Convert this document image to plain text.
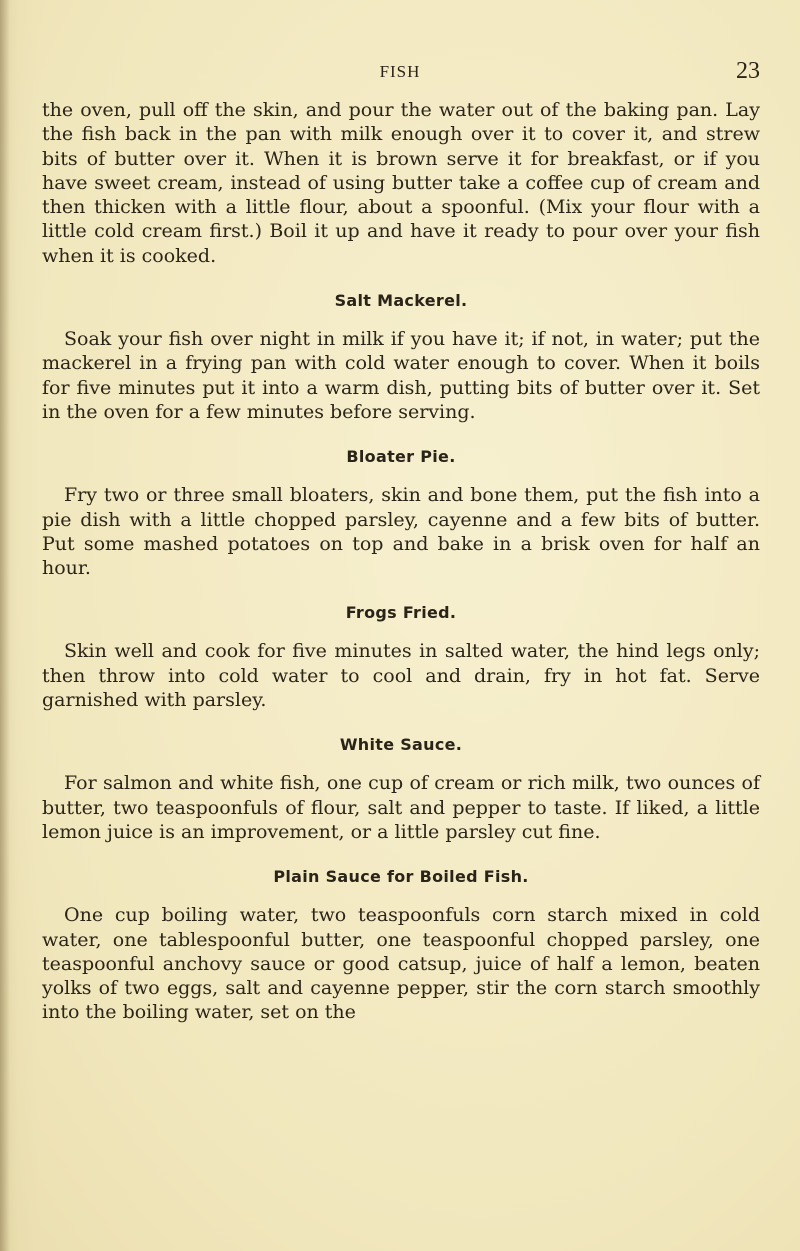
FISH	23

the oven, pull off the skin, and pour the water out of the baking pan. Lay the fish back in the pan with milk enough over it to cover it, and strew bits of butter over it. When it is brown serve it for breakfast, or if you have sweet cream, instead of using butter take a coffee cup of cream and then thicken with a little flour, about a spoonful. (Mix your flour with a little cold cream first.) Boil it up and have it ready to pour over your fish when it is cooked.

Salt Mackerel.

Soak your fish over night in milk if you have it; if not, in water; put the mackerel in a frying pan with cold water enough to cover. When it boils for five minutes put it into a warm dish, putting bits of butter over it. Set in the oven for a few minutes before serving.

Bloater Pie.

Fry two or three small bloaters, skin and bone them, put the fish into a pie dish with a little chopped parsley, cayenne and a few bits of butter. Put some mashed potatoes on top and bake in a brisk oven for half an hour.

Frogs Fried.

Skin well and cook for five minutes in salted water, the hind legs only; then throw into cold water to cool and drain, fry in hot fat. Serve garnished with parsley.

White Sauce.

For salmon and white fish, one cup of cream or rich milk, two ounces of butter, two teaspoonfuls of flour, salt and pepper to taste. If liked, a little lemon juice is an improvement, or a little parsley cut fine.

Plain Sauce for Boiled Fish.

One cup boiling water, two teaspoonfuls corn starch mixed in cold water, one tablespoonful butter, one teaspoonful chopped parsley, one teaspoonful anchovy sauce or good catsup, juice of half a lemon, beaten yolks of two eggs, salt and cayenne pepper, stir the corn starch smoothly into the boiling water, set on the
